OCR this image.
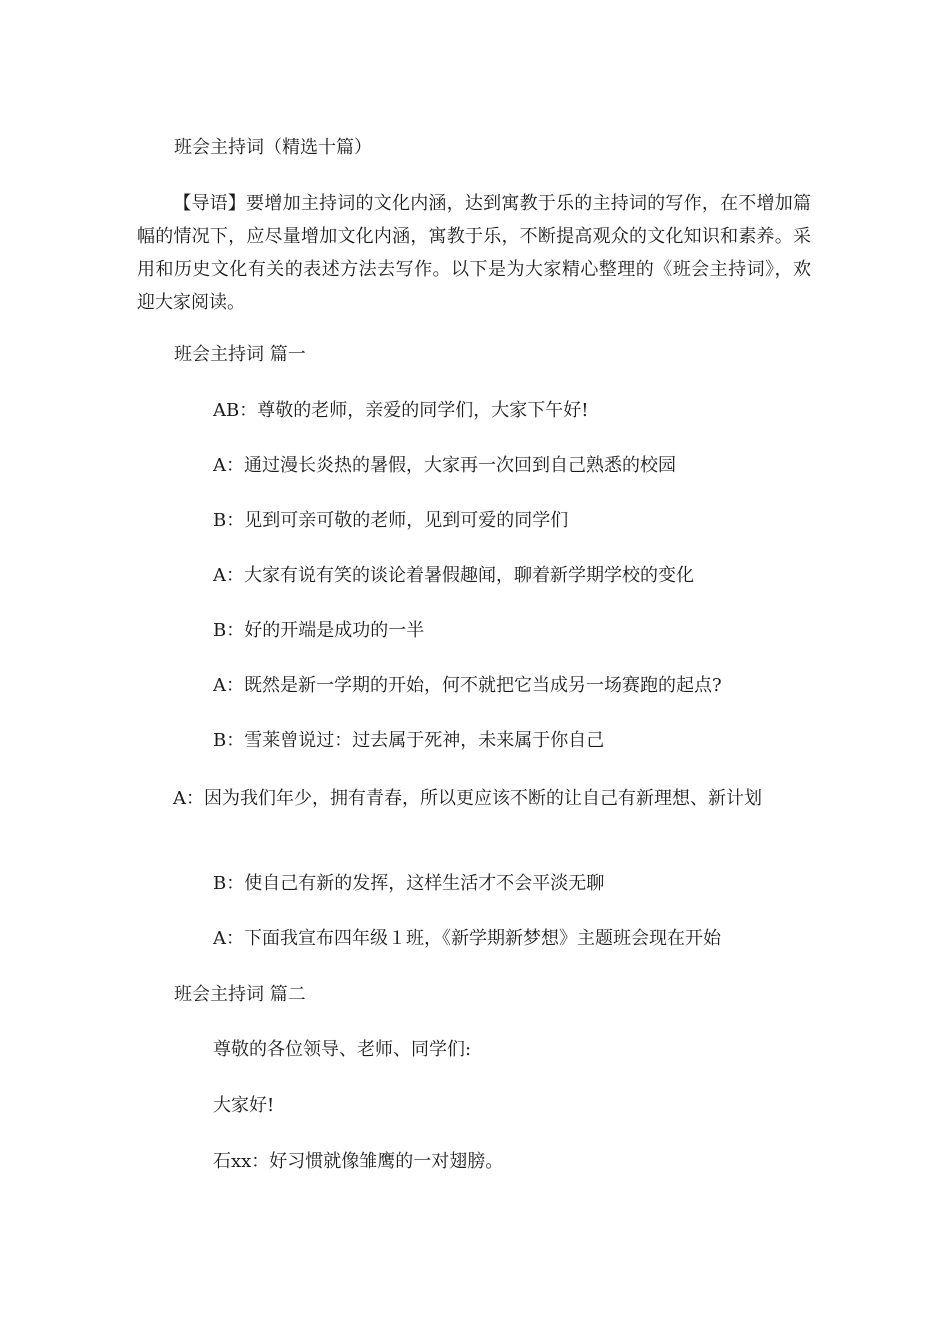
班会主持词（精选十篇）
【导语】要增加主持词的文化内涵，达到寓教于乐的主持词的写作，在不增加篇幅的情况下，应尽量增加文化内涵，寓教于乐，不断提高观众的文化知识和素养。采用和历史文化有关的表述方法去写作。以下是为大家精心整理的《班会主持词》，欢迎大家阅读。
班会主持词 篇一
AB：尊敬的老师，亲爱的同学们，大家下午好!
A：通过漫长炎热的暑假，大家再一次回到自己熟悉的校园
B：见到可亲可敬的老师，见到可爱的同学们
A：大家有说有笑的谈论着暑假趣闻，聊着新学期学校的变化
B：好的开端是成功的一半
A：既然是新一学期的开始，何不就把它当成另一场赛跑的起点?
B：雪莱曾说过：过去属于死神，未来属于你自己
A：因为我们年少，拥有青春，所以更应该不断的让自己有新理想、新计划
B：使自己有新的发挥，这样生活才不会平淡无聊
A：下面我宣布四年级１班，《新学期新梦想》主题班会现在开始
班会主持词 篇二
尊敬的各位领导、老师、同学们:
大家好!
石xx：好习惯就像雏鹰的一对翅膀。
